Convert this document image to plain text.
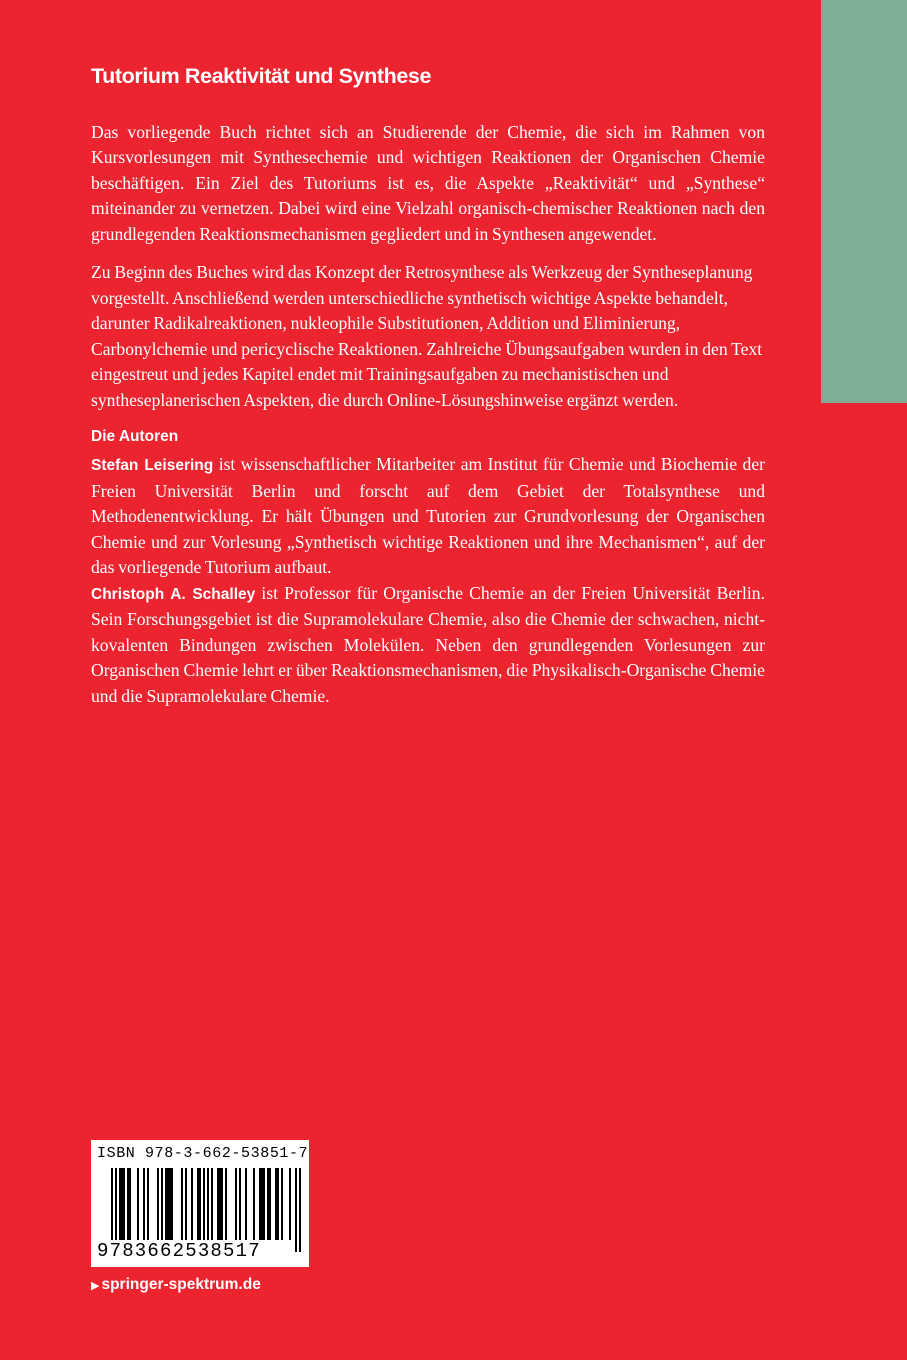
Tutorium Reaktivität und Synthese

Das vorliegende Buch richtet sich an Studierende der Chemie, die sich im Rahmen von Kursvorlesungen mit Synthesechemie und wichtigen Reaktionen der Organischen Chemie beschäftigen. Ein Ziel des Tutoriums ist es, die Aspekte „Reaktivität“ und „Synthese“ miteinander zu vernetzen. Dabei wird eine Vielzahl organisch-chemischer Reaktionen nach den grundlegenden Reaktionsmechanismen gegliedert und in Synthesen angewendet.

Zu Beginn des Buches wird das Konzept der Retrosynthese als Werkzeug der Syntheseplanung vorgestellt. Anschließend werden unterschiedliche synthetisch wichtige Aspekte behandelt, darunter Radikalreaktionen, nukleophile Substitutionen, Addition und Eliminierung, Carbonylchemie und pericyclische Reaktionen. Zahlreiche Übungsaufgaben wurden in den Text eingestreut und jedes Kapitel endet mit Trainingsaufgaben zu mechanistischen und syntheseplanerischen Aspekten, die durch Online-Lösungshinweise ergänzt werden.

Die Autoren

Stefan Leisering ist wissenschaftlicher Mitarbeiter am Institut für Chemie und Biochemie der Freien Universität Berlin und forscht auf dem Gebiet der Totalsynthese und Methodenentwicklung. Er hält Übungen und Tutorien zur Grundvorlesung der Organischen Chemie und zur Vorlesung „Synthetisch wichtige Reaktionen und ihre Mechanismen“, auf der das vorliegende Tutorium aufbaut.

Christoph A. Schalley ist Professor für Organische Chemie an der Freien Universität Berlin. Sein Forschungsgebiet ist die Supramolekulare Chemie, also die Chemie der schwachen, nicht-kovalenten Bindungen zwischen Molekülen. Neben den grundlegenden Vorlesungen zur Organischen Chemie lehrt er über Reaktionsmechanismen, die Physikalisch-Organische Chemie und die Supramolekulare Chemie.

ISBN 978-3-662-53851-7
9783662538517
▶ springer-spektrum.de
